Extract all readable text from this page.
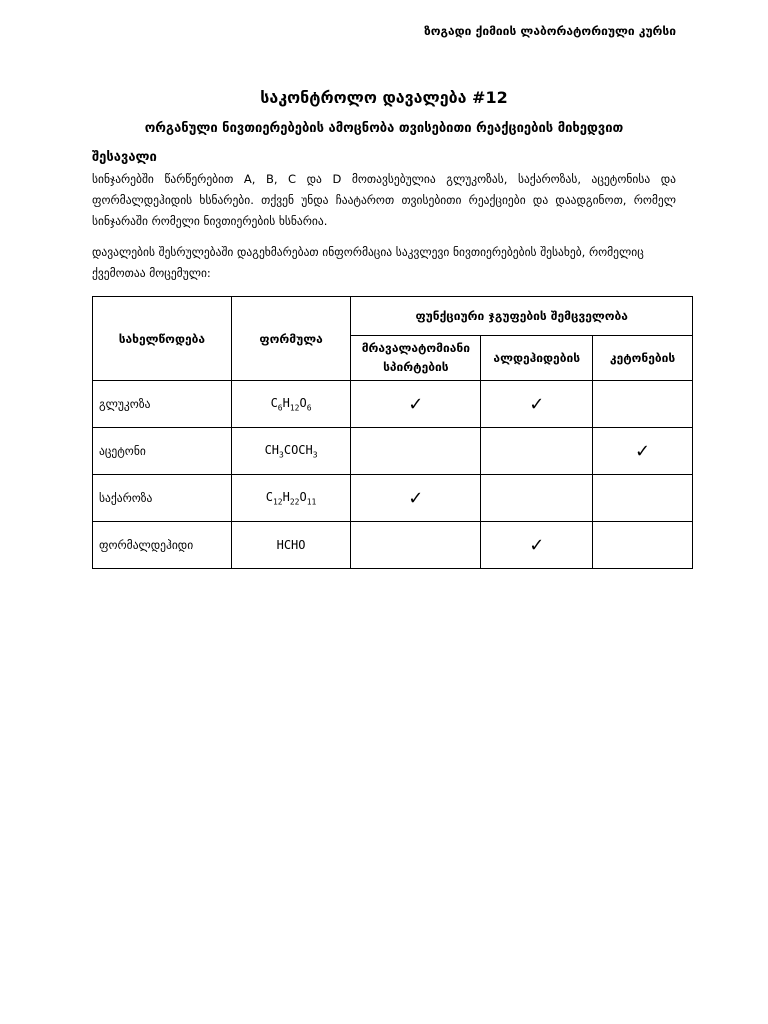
ზოგადი ქიმიის ლაბორატორიული კურსი
საკონტროლო დავალება #12
ორგანული ნივთიერებების ამოცნობა თვისებითი რეაქციების მიხედვით
შესავალი
სინჯარებში წარწერებით A, B, C და D მოთავსებულია გლუკოზას, საქაროზას, აცეტონისა და ფორმალდეჰიდის ხსნარები. თქვენ უნდა ჩაატაროთ თვისებითი რეაქციები და დაადგინოთ, რომელ სინჯარაში რომელი ნივთიერების ხსნარია.
დავალების შესრულებაში დაგეხმარებათ ინფორმაცია საკვლევი ნივთიერებების შესახებ, რომელიც ქვემოთაა მოცემული:
სახელწოდება	ფორმულა	ფუნქციური ჯგუფების შემცველობა		
		მრავალატომიანი სპირტების	ალდეჰიდების	კეტონების
გლუკოზა	$C_6H_{12}O_6$	✓	✓	
აცეტონი	$CH_3COCH_3$			✓
საქაროზა	$C_{12}H_{22}O_{11}$	✓		
ფორმალდეჰიდი	HCHO		✓	
